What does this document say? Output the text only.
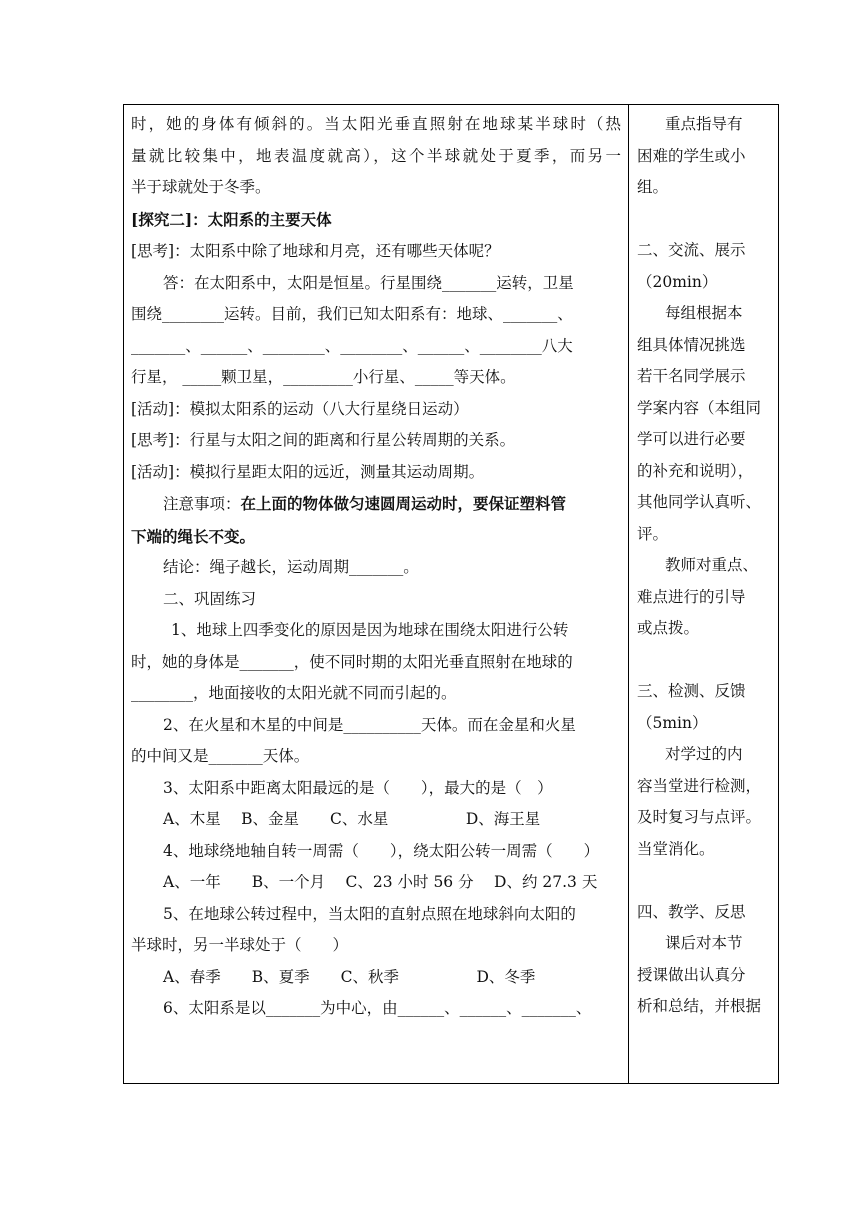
时，她的身体有倾斜的。当太阳光垂直照射在地球某半球时（热

量就比较集中，地表温度就高），这个半球就处于夏季，而另一

半于球就处于冬季。

[探究二]：太阳系的主要天体

[思考]：太阳系中除了地球和月亮，还有哪些天体呢？

答：在太阳系中，太阳是恒星。行星围绕_______运转，卫星

围绕________运转。目前，我们已知太阳系有：地球、_______、

_______、______、________、________、______、________八大

行星， _____颗卫星，_________小行星、_____等天体。

[活动]：模拟太阳系的运动（八大行星绕日运动）

[思考]：行星与太阳之间的距离和行星公转周期的关系。

[活动]：模拟行星距太阳的远近，测量其运动周期。

注意事项：在上面的物体做匀速圆周运动时，要保证塑料管

下端的绳长不变。

结论：绳子越长，运动周期_______。

二、巩固练习

1、地球上四季变化的原因是因为地球在围绕太阳进行公转

时，她的身体是_______，使不同时期的太阳光垂直照射在地球的

________，地面接收的太阳光就不同而引起的。

2、在火星和木星的中间是__________天体。而在金星和火星

的中间又是_______天体。

3、太阳系中距离太阳最远的是（　　），最大的是（　）

A、木星　 B、金星　　C、水星　　　　　D、海王星

4、地球绕地轴自转一周需（　　），绕太阳公转一周需（　　）

A、一年　　B、一个月　 C、23 小时 56 分　 D、约 27.3 天

5、在地球公转过程中，当太阳的直射点照在地球斜向太阳的

半球时，另一半球处于（　　）

A、春季　　B、夏季　　C、秋季　　　　　D、冬季

6、太阳系是以_______为中心，由______、______、_______、

重点指导有

困难的学生或小

组。

二、交流、展示

（20min）

每组根据本

组具体情况挑选

若干名同学展示

学案内容（本组同

学可以进行必要

的补充和说明），

其他同学认真听、

评。

教师对重点、

难点进行的引导

或点拨。

三、检测、反馈

（5min）

对学过的内

容当堂进行检测，

及时复习与点评。

当堂消化。

四、教学、反思

课后对本节

授课做出认真分

析和总结，并根据
